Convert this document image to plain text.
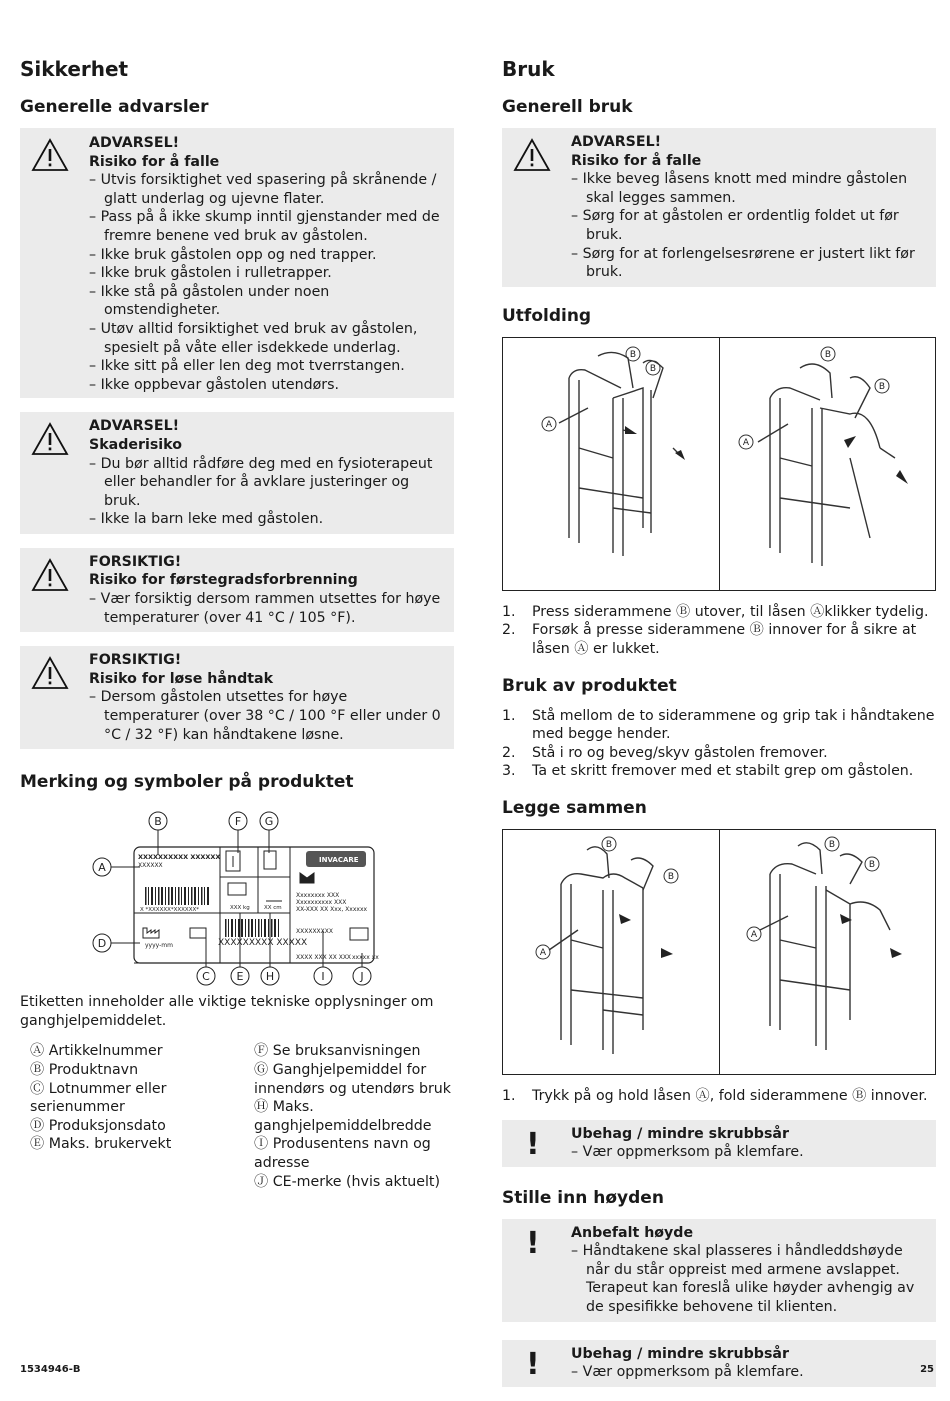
Sikkerhet
Generelle advarsler
ADVARSEL!
Risiko for å falle
– Utvis forsiktighet ved spasering på skrånende / glatt underlag og ujevne flater.
– Pass på å ikke skump inntil gjenstander med de fremre benene ved bruk av gåstolen.
– Ikke bruk gåstolen opp og ned trapper.
– Ikke bruk gåstolen i rulletrapper.
– Ikke stå på gåstolen under noen omstendigheter.
– Utøv alltid forsiktighet ved bruk av gåstolen, spesielt på våte eller isdekkede underlag.
– Ikke sitt på eller len deg mot tverrstangen.
– Ikke oppbevar gåstolen utendørs.
ADVARSEL!
Skaderisiko
– Du bør alltid rådføre deg med en fysioterapeut eller behandler for å avklare justeringer og bruk.
– Ikke la barn leke med gåstolen.
FORSIKTIG!
Risiko for førstegradsforbrenning
– Vær forsiktig dersom rammen utsettes for høye temperaturer (over 41 °C / 105 °F).
FORSIKTIG!
Risiko for løse håndtak
– Dersom gåstolen utsettes for høye temperaturer (over 38 °C / 100 °F eller under 0 °C / 32 °F) kan håndtakene løsne.
Merking og symboler på produktet
XXXXXXXXXX XXXXXX
XXXXXX
X *XXXXXX*XXXXXX*	XXX kg	XX cm
INVACARE
Xxxxxxxx XXX
Xxxxxxxxxx XXX
XX-XXX XX Xxx, Xxxxxx
XXXXXXXXX
XXXXXXXXX XXXXX
XXXX XXX XX XXX xxxxx xx
yyyy-mm
B	F G
A
D
C E H	I	J
Etiketten inneholder alle viktige tekniske opplysninger om ganghjelpemiddelet.
Ⓐ Artikkelnummer
Ⓑ Produktnavn
Ⓒ Lotnummer eller serienummer
Ⓓ Produksjonsdato
Ⓔ Maks. brukervekt
Ⓕ Se bruksanvisningen
Ⓖ Ganghjelpemiddel for innendørs og utendørs bruk
Ⓗ Maks. ganghjelpemiddelbredde
Ⓘ Produsentens navn og adresse
Ⓙ CE-merke (hvis aktuelt)
Bruk
Generell bruk
ADVARSEL!
Risiko for å falle
– Ikke beveg låsens knott med mindre gåstolen skal legges sammen.
– Sørg for at gåstolen er ordentlig foldet ut før bruk.
– Sørg for at forlengelsesrørene er justert likt før bruk.
Utfolding
A
B
B
A
B
B
1. Press siderammene Ⓑ utover, til låsen Ⓐklikker tydelig.
2. Forsøk å presse siderammene Ⓑ innover for å sikre at låsen Ⓐ er lukket.
Bruk av produktet
1. Stå mellom de to siderammene og grip tak i håndtakene med begge hender.
2. Stå i ro og beveg/skyv gåstolen fremover.
3. Ta et skritt fremover med et stabilt grep om gåstolen.
Legge sammen
A
B
B
A
B
B
1. Trykk på og hold låsen Ⓐ, fold siderammene Ⓑ innover.
! Ubehag / mindre skrubbsår
– Vær oppmerksom på klemfare.
Stille inn høyden
! Anbefalt høyde
– Håndtakene skal plasseres i håndleddshøyde når du står oppreist med armene avslappet. Terapeut kan foreslå ulike høyder avhengig av de spesifikke behovene til klienten.
! Ubehag / mindre skrubbsår
– Vær oppmerksom på klemfare.
1534946-B	25
